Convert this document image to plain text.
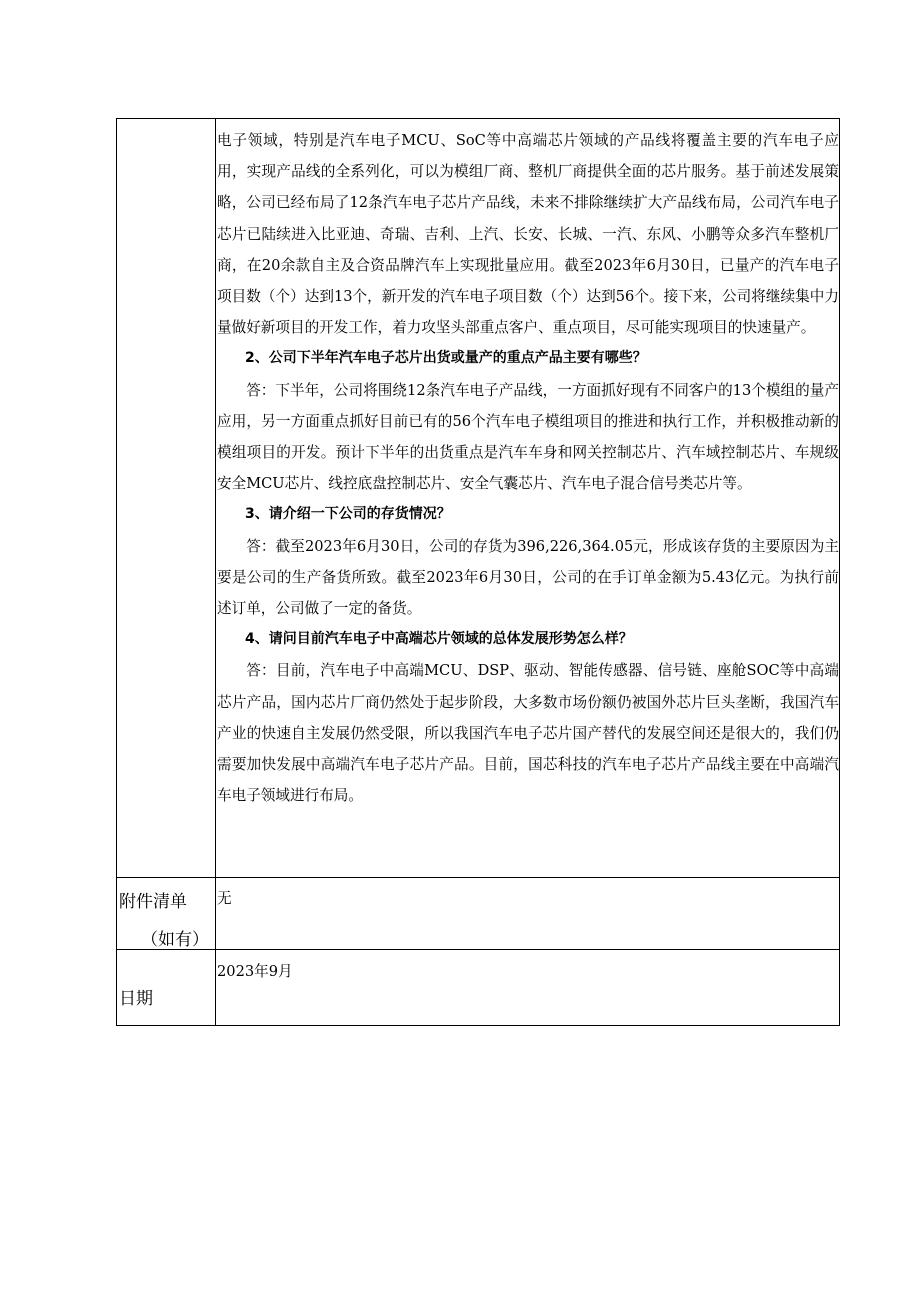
电子领域，特别是汽车电子MCU、SoC等中高端芯片领域的产品线将覆盖主要的汽车电子应用，实现产品线的全系列化，可以为模组厂商、整机厂商提供全面的芯片服务。基于前述发展策略，公司已经布局了12条汽车电子芯片产品线，未来不排除继续扩大产品线布局，公司汽车电子芯片已陆续进入比亚迪、奇瑞、吉利、上汽、长安、长城、一汽、东风、小鹏等众多汽车整机厂商，在20余款自主及合资品牌汽车上实现批量应用。截至2023年6月30日，已量产的汽车电子项目数（个）达到13个，新开发的汽车电子项目数（个）达到56个。接下来，公司将继续集中力量做好新项目的开发工作，着力攻坚头部重点客户、重点项目，尽可能实现项目的快速量产。

2、公司下半年汽车电子芯片出货或量产的重点产品主要有哪些？

答：下半年，公司将围绕12条汽车电子产品线，一方面抓好现有不同客户的13个模组的量产应用，另一方面重点抓好目前已有的56个汽车电子模组项目的推进和执行工作，并积极推动新的模组项目的开发。预计下半年的出货重点是汽车车身和网关控制芯片、汽车域控制芯片、车规级安全MCU芯片、线控底盘控制芯片、安全气囊芯片、汽车电子混合信号类芯片等。

3、请介绍一下公司的存货情况？

答：截至2023年6月30日，公司的存货为396,226,364.05元，形成该存货的主要原因为主要是公司的生产备货所致。截至2023年6月30日，公司的在手订单金额为5.43亿元。为执行前述订单，公司做了一定的备货。

4、请问目前汽车电子中高端芯片领域的总体发展形势怎么样？

答：目前，汽车电子中高端MCU、DSP、驱动、智能传感器、信号链、座舱SOC等中高端芯片产品，国内芯片厂商仍然处于起步阶段，大多数市场份额仍被国外芯片巨头垄断，我国汽车产业的快速自主发展仍然受限，所以我国汽车电子芯片国产替代的发展空间还是很大的，我们仍需要加快发展中高端汽车电子芯片产品。目前，国芯科技的汽车电子芯片产品线主要在中高端汽车电子领域进行布局。

附件清单
（如有）
无
日期
2023年9月
